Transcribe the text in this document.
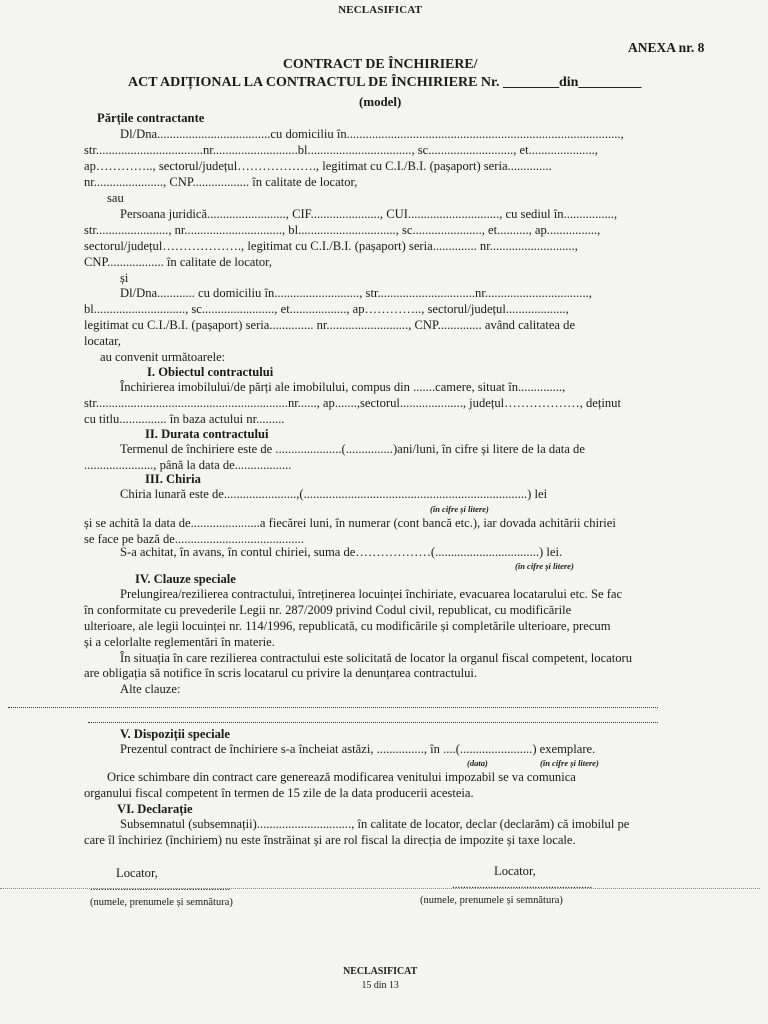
NECLASIFICAT
ANEXA nr. 8
CONTRACT DE ÎNCHIRIERE/
ACT ADIȚIONAL LA CONTRACTUL DE ÎNCHIRIERE Nr. ________din_________
(model)
Părțile contractante
Dl/Dna....................................cu domiciliu în.......................................................................................,
str..................................nr...........................bl................................., sc..........................., et.....................,
ap………….., sectorul/județul………………., legitimat cu C.I./B.I. (pașaport) seria..............
nr......................, CNP.................. în calitate de locator,
sau
Persoana juridică........................., CIF......................, CUI............................., cu sediul în................,
str......................., nr..............................., bl..............................., sc......................, et.........., ap................,
sectorul/județul………………., legitimat cu C.I./B.I. (pașaport) seria.............. nr...........................,
CNP.................. în calitate de locator,
și
Dl/Dna............ cu domiciliu în..........................., str...............................nr.................................,
bl............................., sc......................., et.................., ap………….., sectorul/județul...................,
legitimat cu C.I./B.I. (pașaport) seria.............. nr.........................., CNP.............. având calitatea de
locatar,
au convenit următoarele:
I. Obiectul contractului
Închirierea imobilului/de părți ale imobilului, compus din .......camere, situat în..............,
str.............................................................nr......, ap.......,sectorul...................., județul………………, deținut
cu titlu............... în baza actului nr.........
II. Durata contractului
Termenul de închiriere este de .....................(...............)ani/luni, în cifre și litere de la data de
......................, până la data de..................
III. Chiria
Chiria lunară este de.......................,(.......................................................................) lei
(în cifre și litere)
și se achită la data de......................a fiecărei luni, în numerar (cont bancă etc.), iar dovada achitării chiriei
se face pe bază de.........................................
S-a achitat, în avans, în contul chiriei, suma de………………(.................................) lei.
(în cifre și litere)
IV. Clauze speciale
Prelungirea/rezilierea contractului, întreținerea locuinței închiriate, evacuarea locatarului etc. Se fac
în conformitate cu prevederile Legii nr. 287/2009 privind Codul civil, republicat, cu modificările
ulterioare, ale legii locuinței nr. 114/1996, republicată, cu modificările și completările ulterioare, precum
și a celorlalte reglementări în materie.
În situația în care rezilierea contractului este solicitată de locator la organul fiscal competent, locatoru
are obligația să notifice în scris locatarul cu privire la denunțarea contractului.
Alte clauze:
V. Dispoziții speciale
Prezentul contract de închiriere s-a încheiat astăzi, ..............., în ....(.......................) exemplare.
(data)	(în cifre și litere)
Orice schimbare din contract care generează modificarea venitului impozabil se va comunica
organului fiscal competent în termen de 15 zile de la data producerii acesteia.
VI. Declarație
Subsemnatul (subsemnații).............................., în calitate de locator, declar (declarăm) că imobilul pe
care îl închiriez (închiriem) nu este înstrăinat și are rol fiscal la direcția de impozite și taxe locale.
Locator,	Locator,
...................................................	...................................................
(numele, prenumele și semnătura)	(numele, prenumele și semnătura)
NECLASIFICAT
15 din 13
